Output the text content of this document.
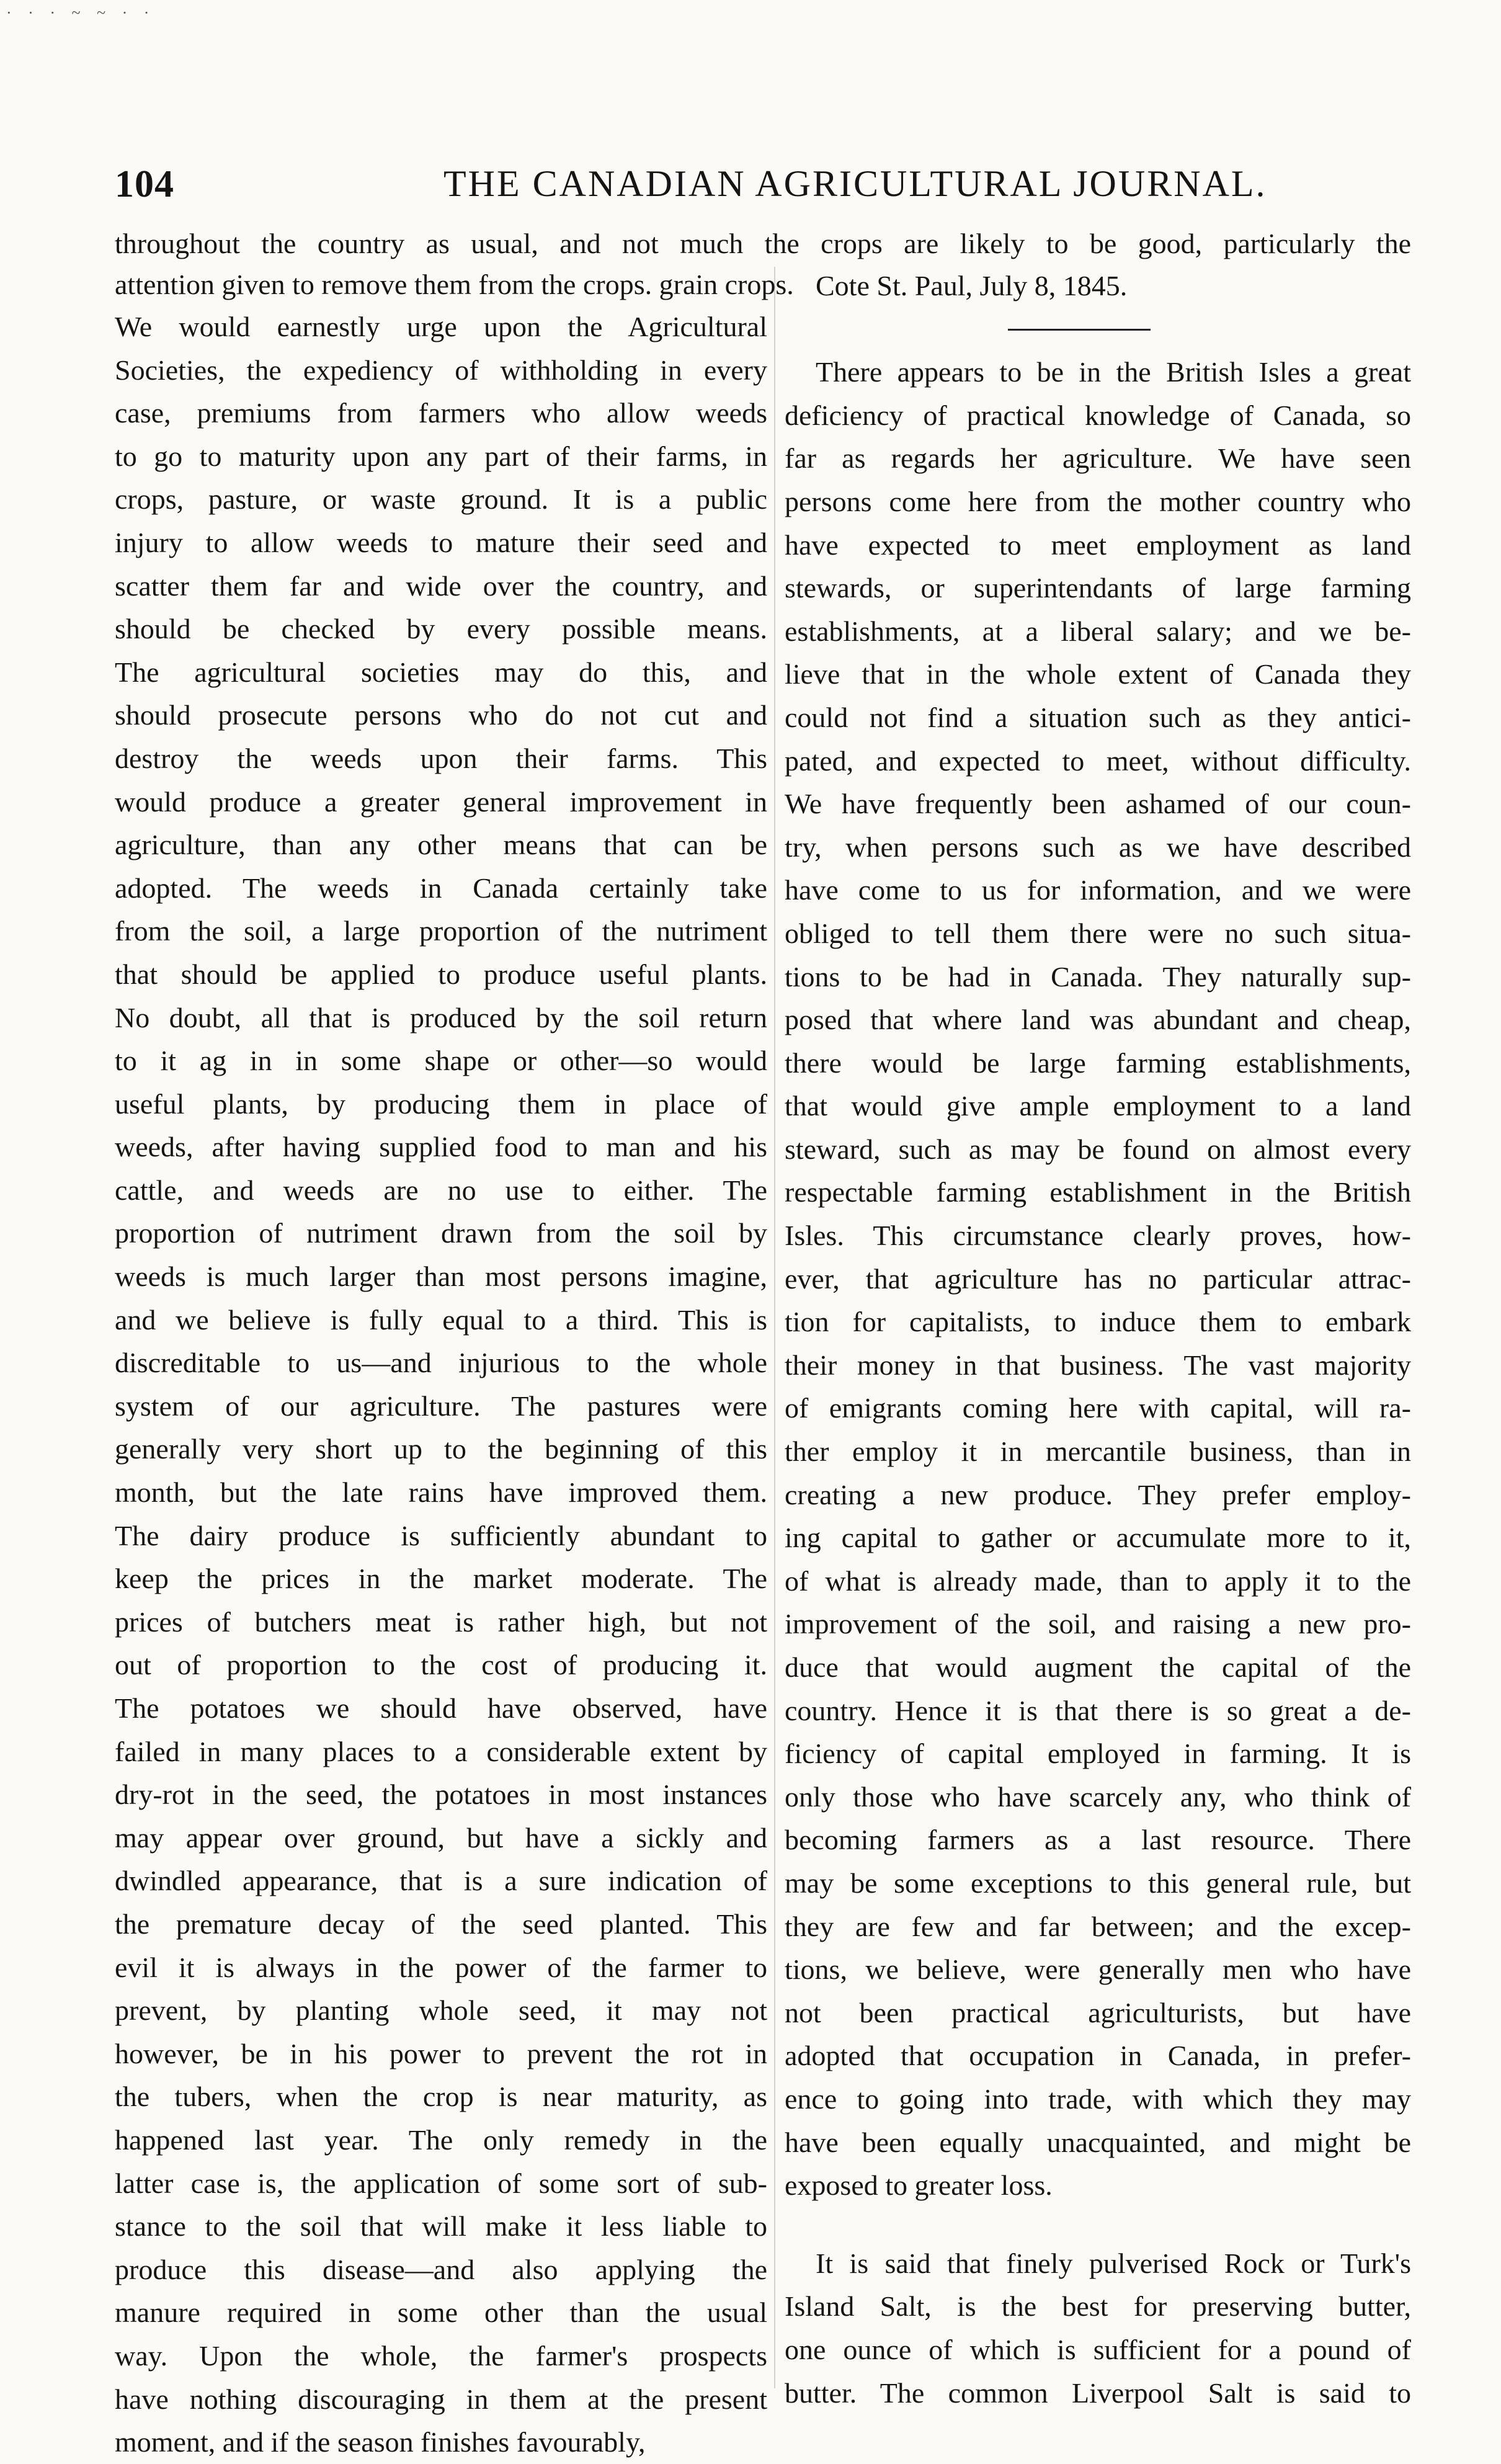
· · · ~ ~ · ·
104	THE CANADIAN AGRICULTURAL JOURNAL.
throughout the country as usual, and not much the crops are likely to be good, particularly the
attention given to remove them from the crops. grain crops.
We would earnestly urge upon the Agricultural
Societies, the expediency of withholding in every
case, premiums from farmers who allow weeds
to go to maturity upon any part of their farms, in
crops, pasture, or waste ground. It is a public
injury to allow weeds to mature their seed and
scatter them far and wide over the country, and
should be checked by every possible means.
The agricultural societies may do this, and
should prosecute persons who do not cut and
destroy the weeds upon their farms. This
would produce a greater general improvement in
agriculture, than any other means that can be
adopted. The weeds in Canada certainly take
from the soil, a large proportion of the nutriment
that should be applied to produce useful plants.
No doubt, all that is produced by the soil return
to it ag in in some shape or other—so would
useful plants, by producing them in place of
weeds, after having supplied food to man and his
cattle, and weeds are no use to either. The
proportion of nutriment drawn from the soil by
weeds is much larger than most persons imagine,
and we believe is fully equal to a third. This is
discreditable to us—and injurious to the whole
system of our agriculture. The pastures were
generally very short up to the beginning of this
month, but the late rains have improved them.
The dairy produce is sufficiently abundant to
keep the prices in the market moderate. The
prices of butchers meat is rather high, but not
out of proportion to the cost of producing it.
The potatoes we should have observed, have
failed in many places to a considerable extent by
dry-rot in the seed, the potatoes in most instances
may appear over ground, but have a sickly and
dwindled appearance, that is a sure indication of
the premature decay of the seed planted. This
evil it is always in the power of the farmer to
prevent, by planting whole seed, it may not
however, be in his power to prevent the rot in
the tubers, when the crop is near maturity, as
happened last year. The only remedy in the
latter case is, the application of some sort of sub-
stance to the soil that will make it less liable to
produce this disease—and also applying the
manure required in some other than the usual
way. Upon the whole, the farmer's prospects
have nothing discouraging in them at the present
moment, and if the season finishes favourably,
Cote St. Paul, July 8, 1845.
There appears to be in the British Isles a great
deficiency of practical knowledge of Canada, so
far as regards her agriculture. We have seen
persons come here from the mother country who
have expected to meet employment as land
stewards, or superintendants of large farming
establishments, at a liberal salary; and we be-
lieve that in the whole extent of Canada they
could not find a situation such as they antici-
pated, and expected to meet, without difficulty.
We have frequently been ashamed of our coun-
try, when persons such as we have described
have come to us for information, and we were
obliged to tell them there were no such situa-
tions to be had in Canada. They naturally sup-
posed that where land was abundant and cheap,
there would be large farming establishments,
that would give ample employment to a land
steward, such as may be found on almost every
respectable farming establishment in the British
Isles. This circumstance clearly proves, how-
ever, that agriculture has no particular attrac-
tion for capitalists, to induce them to embark
their money in that business. The vast majority
of emigrants coming here with capital, will ra-
ther employ it in mercantile business, than in
creating a new produce. They prefer employ-
ing capital to gather or accumulate more to it,
of what is already made, than to apply it to the
improvement of the soil, and raising a new pro-
duce that would augment the capital of the
country. Hence it is that there is so great a de-
ficiency of capital employed in farming. It is
only those who have scarcely any, who think of
becoming farmers as a last resource. There
may be some exceptions to this general rule, but
they are few and far between; and the excep-
tions, we believe, were generally men who have
not been practical agriculturists, but have
adopted that occupation in Canada, in prefer-
ence to going into trade, with which they may
have been equally unacquainted, and might be
exposed to greater loss.
It is said that finely pulverised Rock or Turk's
Island Salt, is the best for preserving butter,
one ounce of which is sufficient for a pound of
butter. The common Liverpool Salt is said to
